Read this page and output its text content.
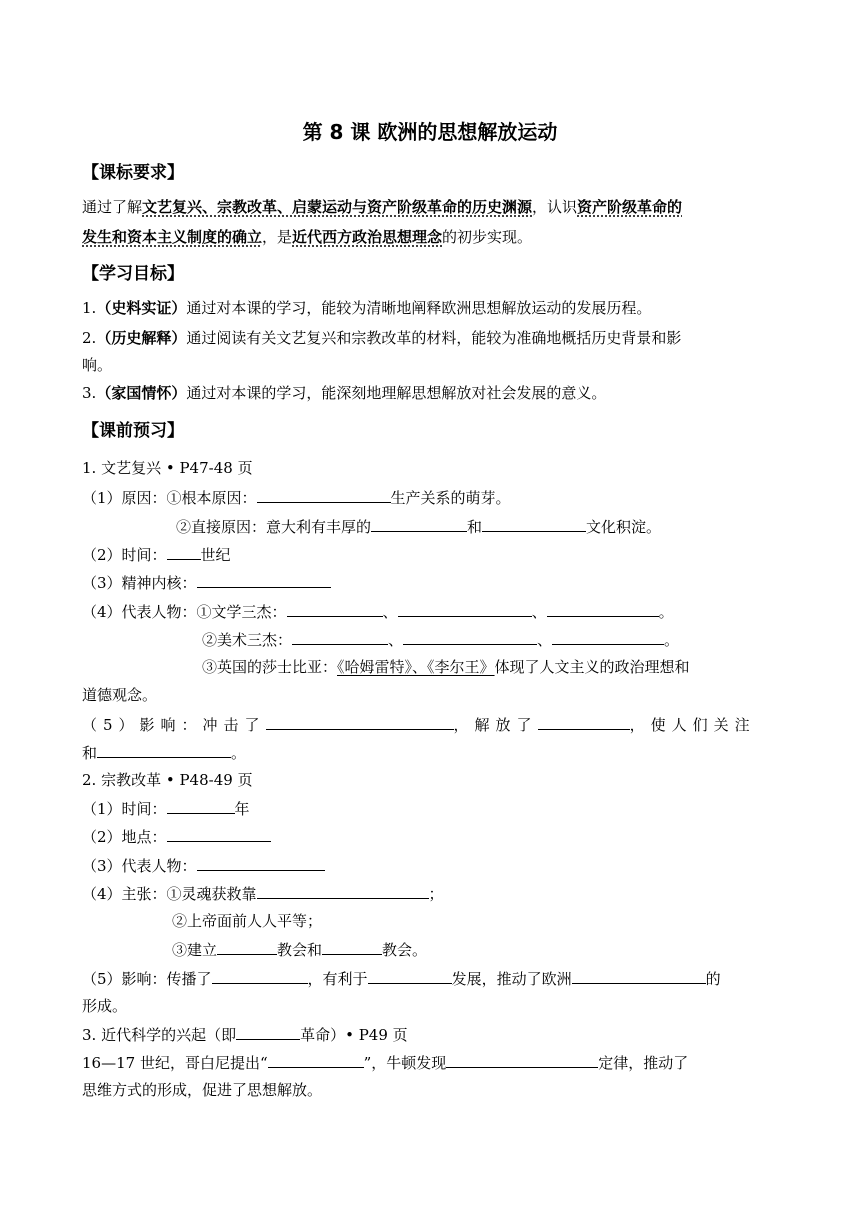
第 8 课 欧洲的思想解放运动
【课标要求】
通过了解文艺复兴、宗教改革、启蒙运动与资产阶级革命的历史渊源，认识资产阶级革命的
发生和资本主义制度的确立，是近代西方政治思想理念的初步实现。
【学习目标】
1.（史料实证）通过对本课的学习，能较为清晰地阐释欧洲思想解放运动的发展历程。
2.（历史解释）通过阅读有关文艺复兴和宗教改革的材料，能较为准确地概括历史背景和影
响。
3.（家国情怀）通过对本课的学习，能深刻地理解思想解放对社会发展的意义。
【课前预习】
1. 文艺复兴 • P47-48 页
（1）原因：①根本原因：	生产关系的萌芽。
②直接原因：意大利有丰厚的	和	文化积淀。
（2）时间： 世纪
（3）精神内核：
（4）代表人物：①文学三杰：	、	、	。
②美术三杰：	、	、	。
③英国的莎士比亚：《哈姆雷特》、《李尔王》体现了人文主义的政治理想和
道德观念。
（5）影响：冲击了	，解放了	，使人们关注
和	。
2. 宗教改革 • P48-49 页
（1）时间：	年
（2）地点：
（3）代表人物：
（4）主张：①灵魂获救靠	；
②上帝面前人人平等；
③建立	教会和	教会。
（5）影响：传播了	，有利于	发展，推动了欧洲	的
形成。
3. 近代科学的兴起（即	革命）• P49 页
16—17 世纪，哥白尼提出“	”，牛顿发现	定律，推动了
思维方式的形成，促进了思想解放。
